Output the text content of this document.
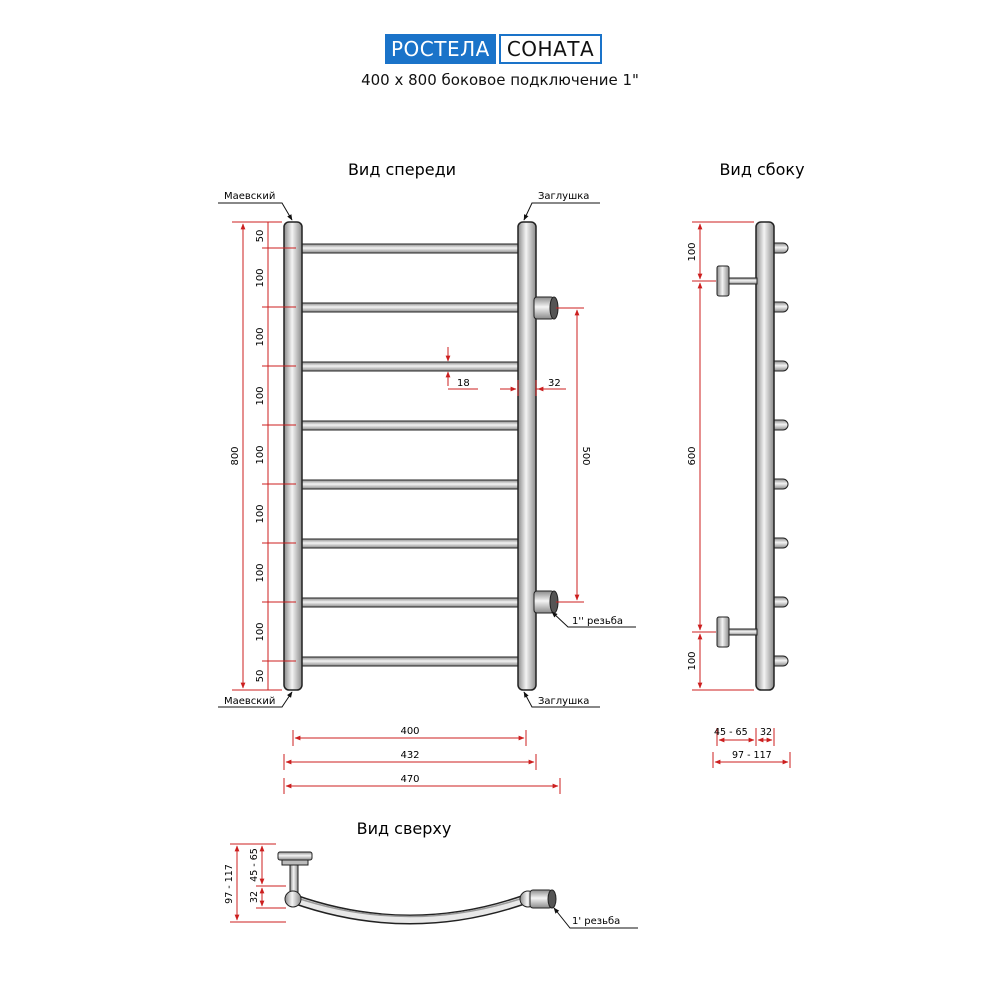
РОСТЕЛА СОНАТА
400 х 800 боковое подключение 1"
Вид спереди
Маевский	Заглушка
Маевский	Заглушка
1'' резьба
800
50
100
100
100
100
100
100
100
50
500
18	32
400
432
470
Вид сбоку
100
600
100
45 - 65 32
97 - 117
Вид сверху
1' резьба
97 - 117 32
45 - 65
